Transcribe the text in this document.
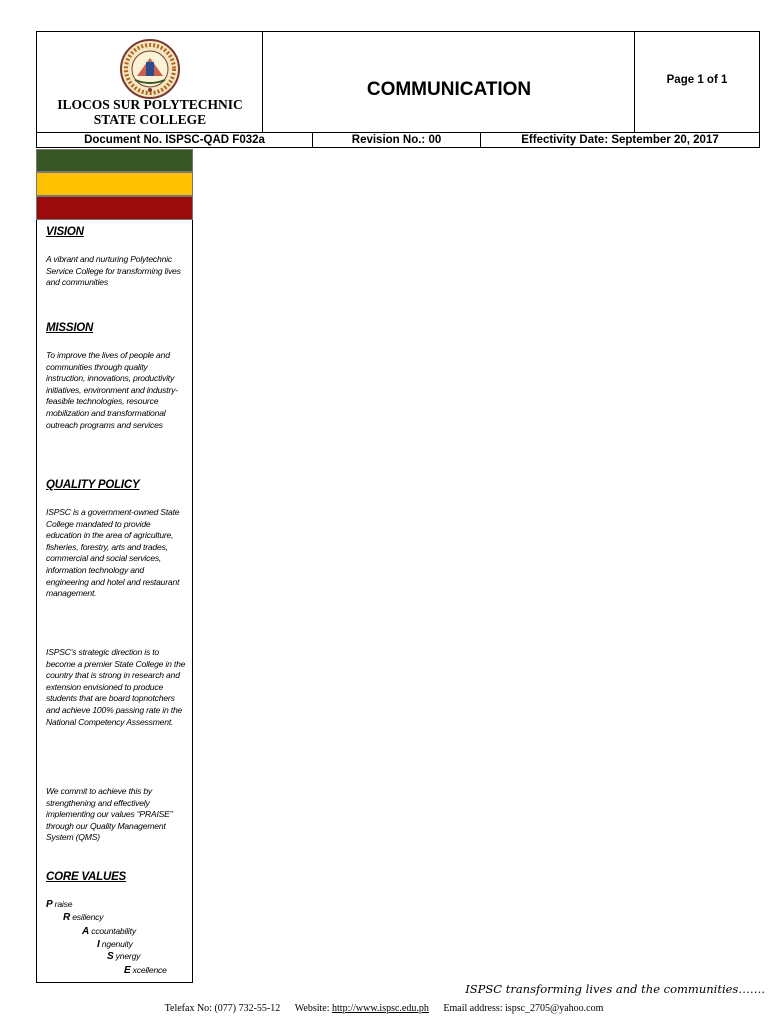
ILOCOS SUR POLYTECHNIC
STATE COLLEGE
COMMUNICATION	Page 1 of 1
Document No. ISPSC-QAD F032a	Revision No.: 00	Effectivity Date: September 20, 2017
VISION
A vibrant and nurturing Polytechnic Service College for transforming lives and communities
MISSION
To improve the lives of people and communities through quality instruction, innovations, productivity initiatives, environment and industry-feasible technologies, resource mobilization and transformational outreach programs and services
QUALITY POLICY
ISPSC is a government-owned State College mandated to provide education in the area of agriculture, fisheries, forestry, arts and trades, commercial and social services, information technology and engineering and hotel and restaurant management.
ISPSC's strategic direction is to become a premier State College in the country that is strong in research and extension envisioned to produce students that are board topnotchers and achieve 100% passing rate in the National Competency Assessment.
We commit to achieve this by strengthening and effectively implementing our values “PRAISE” through our Quality Management System (QMS)
CORE VALUES
P raise
R esiliency
A ccountability
I ngenuity
S ynergy
E xcellence
ISPSC transforming lives and the communities…….
Telefax No: (077) 732-55-12 Website: http://www.ispsc.edu.ph Email address: ispsc_2705@yahoo.com
